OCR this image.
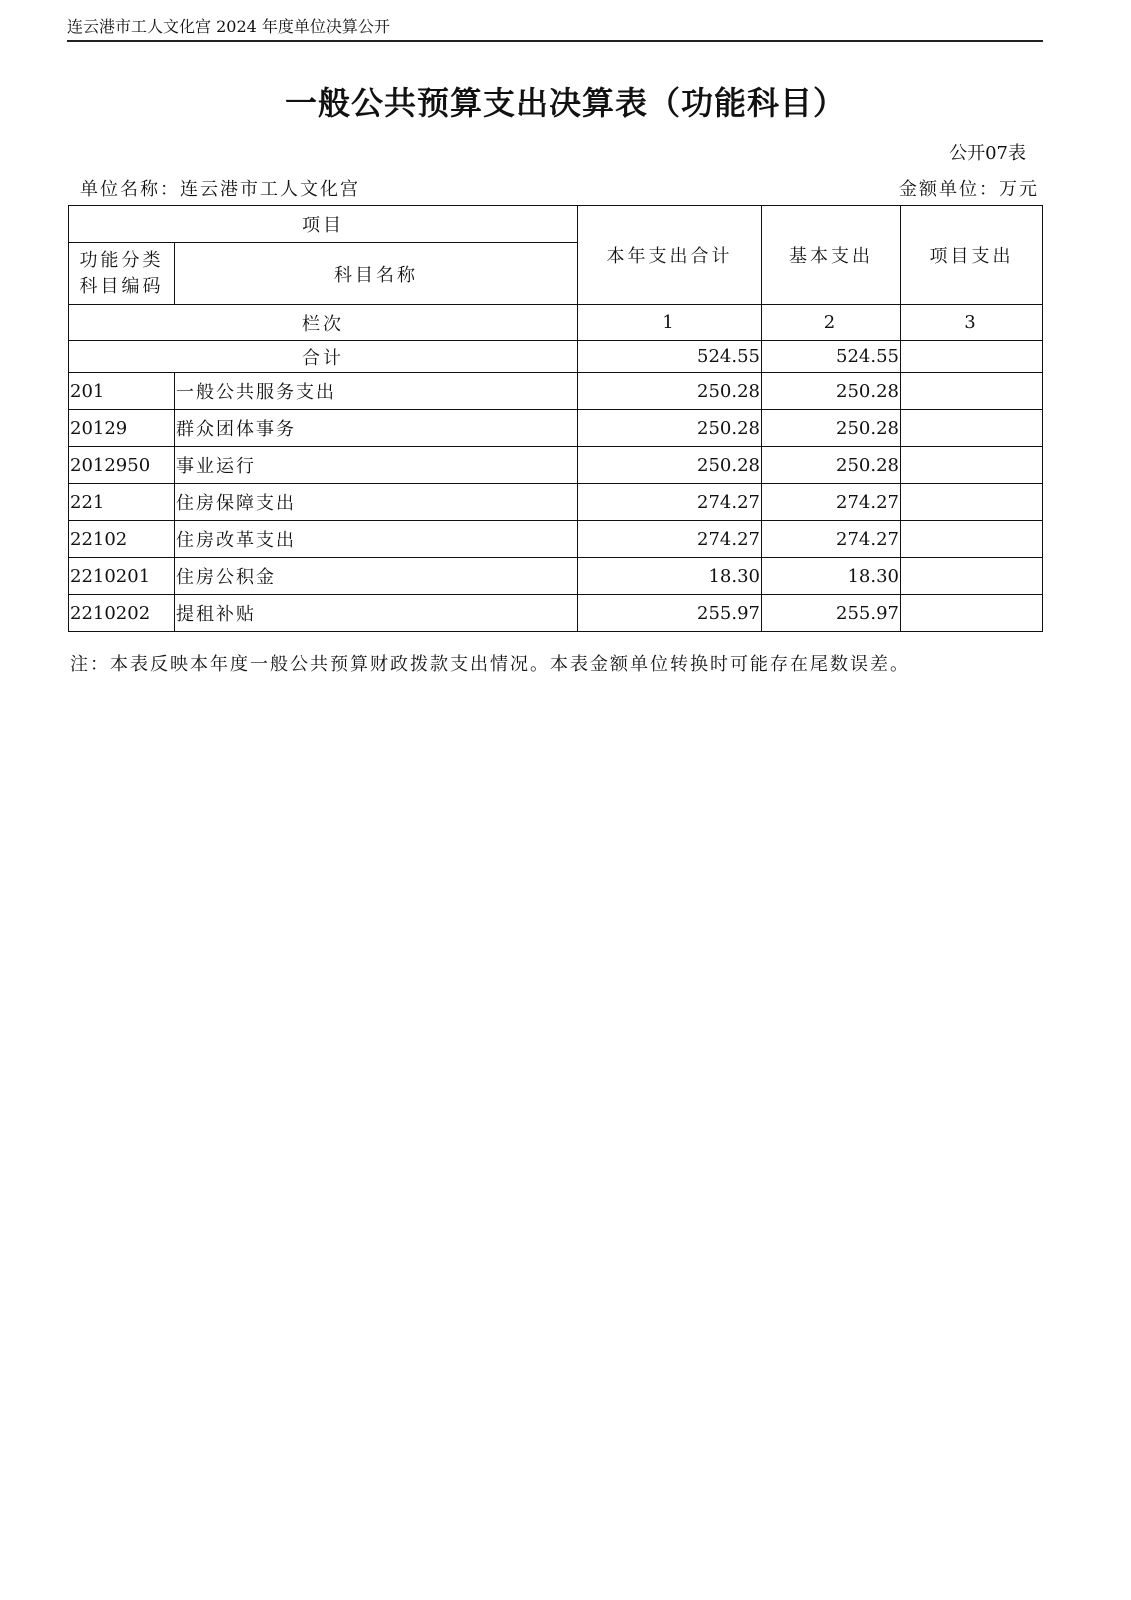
连云港市工人文化宫 2024 年度单位决算公开
一般公共预算支出决算表（功能科目）
公开07表
单位名称：连云港市工人文化宫	金额单位：万元
项目		本年支出合计	基本支出	项目支出

功能分类
科目编码	科目名称			
栏次		1	2	3
合计		524.55	524.55	
201	一般公共服务支出	250.28	250.28	
20129	群众团体事务	250.28	250.28	
2012950	事业运行	250.28	250.28	
221	住房保障支出	274.27	274.27	
22102	住房改革支出	274.27	274.27	
2210201	住房公积金	18.30	18.30	
2210202	提租补贴	255.97	255.97	
注：本表反映本年度一般公共预算财政拨款支出情况。本表金额单位转换时可能存在尾数误差。
